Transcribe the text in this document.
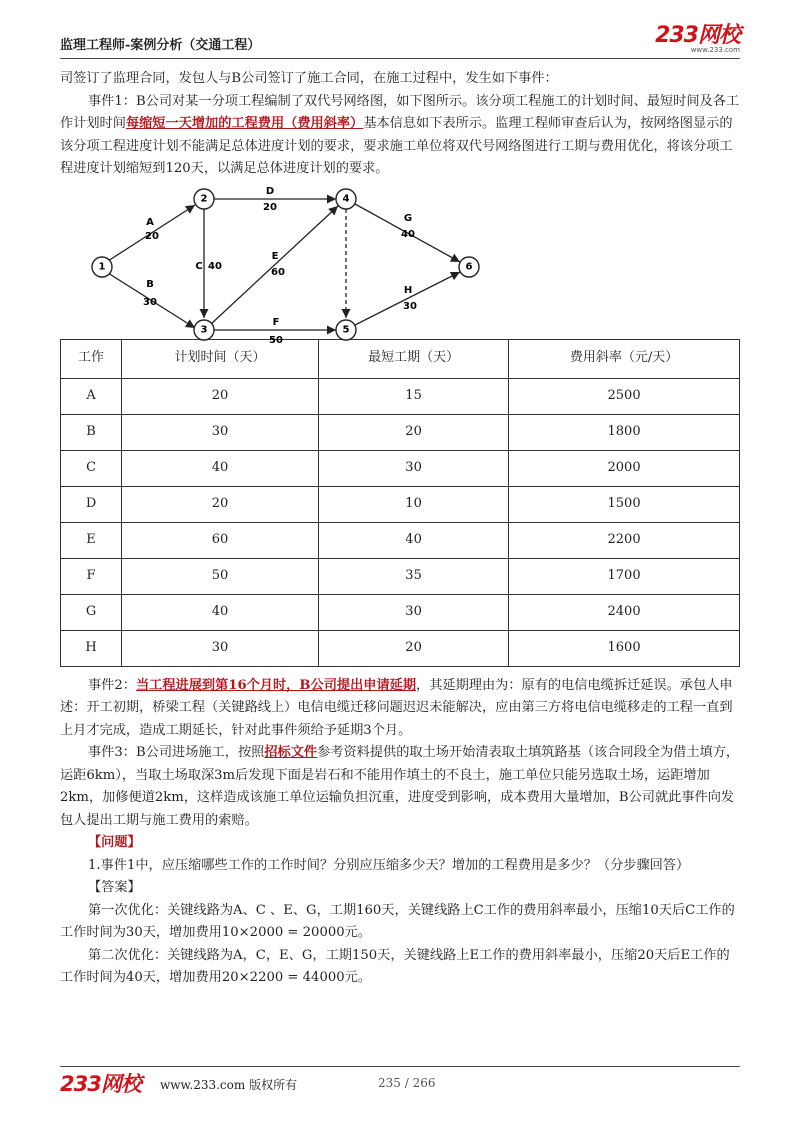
监理工程师-案例分析（交通工程）	233网校
www.233.com

司签订了监理合同，发包人与B公司签订了施工合同，在施工过程中，发生如下事件：

事件1：B公司对某一分项工程编制了双代号网络图，如下图所示。该分项工程施工的计划时间、最短时间及各工作计划时间每缩短一天增加的工程费用（费用斜率）基本信息如下表所示。监理工程师审查后认为，按网络图显示的该分项工程进度计划不能满足总体进度计划的要求，要求施工单位将双代号网络图进行工期与费用优化，将该分项工程进度计划缩短到120天，以满足总体进度计划的要求。

A
20
B
30
C 40
D
20
E
60
F
50
G
40
H
30
1
2
3
4
5
6
工作	计划时间（天）	最短工期（天）	费用斜率（元/天）
A	20	15	2500
B	30	20	1800
C	40	30	2000
D	20	10	1500
E	60	40	2200
F	50	35	1700
G	40	30	2400
H	30	20	1600

事件2：当工程进展到第16个月时，B公司提出申请延期，其延期理由为：原有的电信电缆拆迁延误。承包人申述：开工初期，桥梁工程（关键路线上）电信电缆迁移问题迟迟未能解决，应由第三方将电信电缆移走的工程一直到上月才完成，造成工期延长，针对此事件须给予延期3个月。

事件3：B公司进场施工，按照招标文件参考资料提供的取土场开始清表取土填筑路基（该合同段全为借土填方，运距6km），当取土场取深3m后发现下面是岩石和不能用作填土的不良土，施工单位只能另选取土场，运距增加2km，加修便道2km，这样造成该施工单位运输负担沉重，进度受到影响，成本费用大量增加，B公司就此事件向发包人提出工期与施工费用的索赔。

【问题】

1.事件1中，应压缩哪些工作的工作时间？分别应压缩多少天？增加的工程费用是多少？（分步骤回答）

【答案】

第一次优化：关键线路为A、C 、E、G，工期160天，关键线路上C工作的费用斜率最小，压缩10天后C工作的工作时间为30天，增加费用10×2000 = 20000元。

第二次优化：关键线路为A，C，E、G，工期150天，关键线路上E工作的费用斜率最小，压缩20天后E工作的工作时间为40天，增加费用20×2200 = 44000元。

233网校 www.233.com 版权所有	235 / 266
